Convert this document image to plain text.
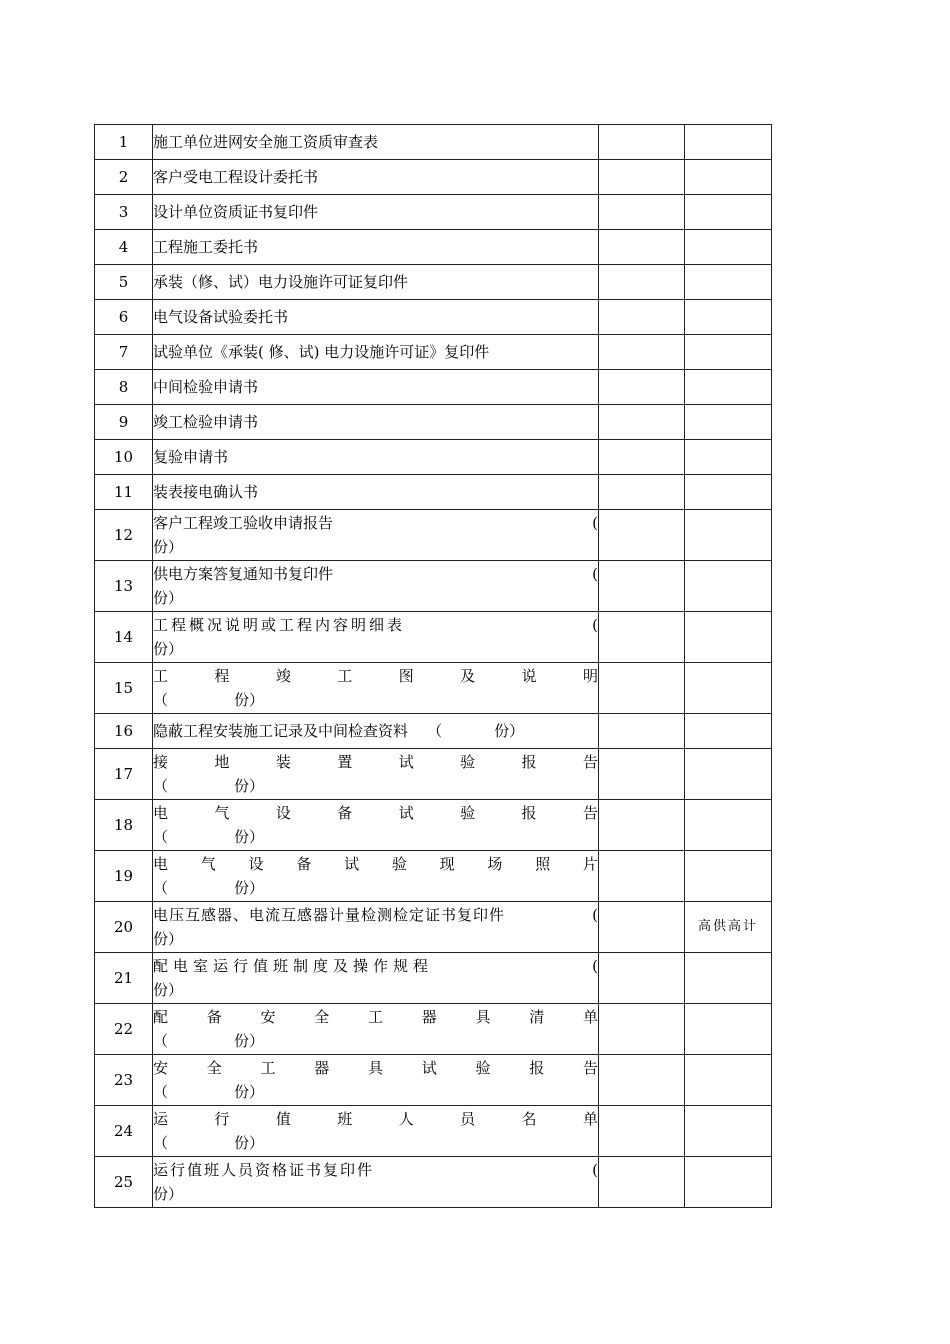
1	施工单位进网安全施工资质审查表		
2	客户受电工程设计委托书		
3	设计单位资质证书复印件		
4	工程施工委托书		
5	承装（修、试）电力设施许可证复印件		
6	电气设备试验委托书		
7	试验单位《承装( 修、试) 电力设施许可证》复印件		
8	中间检验申请书		
9	竣工检验申请书		
10	复验申请书		
11	装表接电确认书		
12	客户工程竣工验收申请报告 (
份）		

13	供电方案答复通知书复印件 (
份）		

14	工程概况说明或工程内容明细表 (
份）		

15	工程竣工图及说明
（ 份）		

16	隐蔽工程安装施工记录及中间检查资料 （ 份）		

17	接地装置试验报告
（ 份）		

18	电气设备试验报告
（ 份）		

19	电气设备试验现场照片
（ 份）		

20	电压互感器、电流互感器计量检测检定证书复印件 (
份）		高供高计
21	配电室运行值班制度及操作规程 (
份）		

22	配备安全工器具清单
（ 份）		

23	安全工器具试验报告
（ 份）		

24	运行值班人员名单
（ 份）		

25	运行值班人员资格证书复印件 (
份）		
